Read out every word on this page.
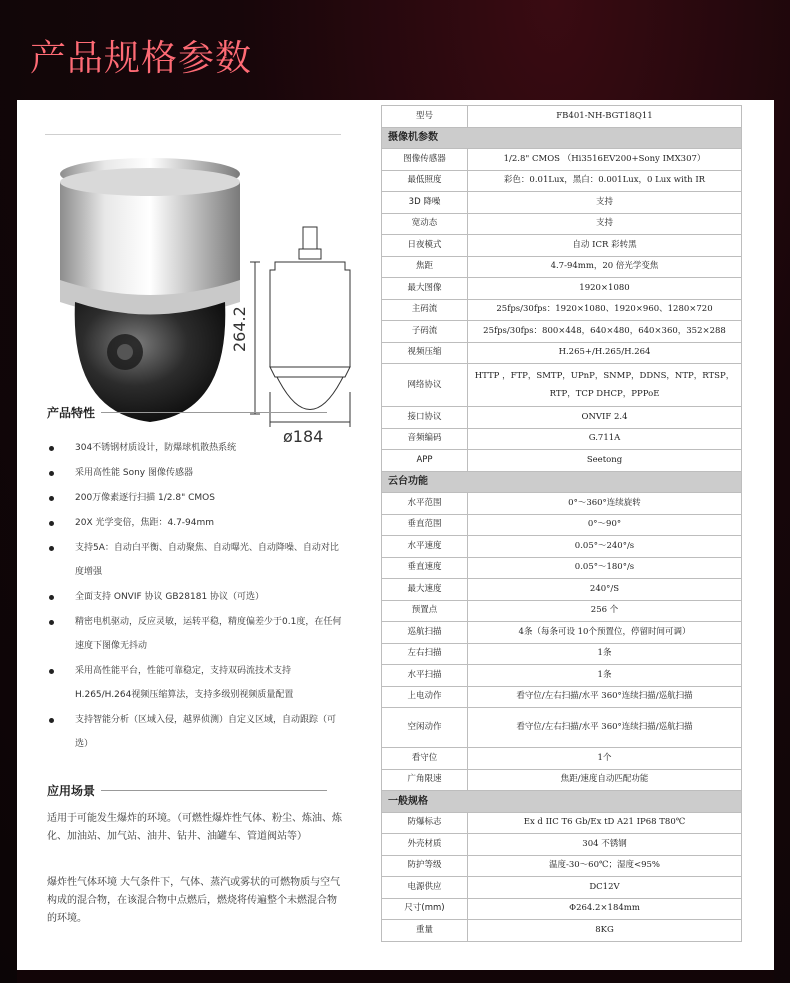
产品规格参数
264.2
ø184
产品特性
304不锈钢材质设计，防爆球机散热系统
采用高性能 Sony 图像传感器
200万像素逐行扫描 1/2.8" CMOS
20X 光学变倍，焦距：4.7-94mm
支持5A：自动白平衡、自动聚焦、自动曝光、自动降噪、自动对比度增强
全面支持 ONVIF 协议 GB28181 协议（可选）
精密电机驱动，反应灵敏，运转平稳，精度偏差少于0.1度，在任何速度下图像无抖动
采用高性能平台，性能可靠稳定，支持双码流技术支持 H.265/H.264视频压缩算法，支持多级别视频质量配置
支持智能分析（区域入侵，越界侦测）自定义区域，自动跟踪（可选）
应用场景
适用于可能发生爆炸的环境。（可燃性爆炸性气体、粉尘、炼油、炼化、加油站、加气站、油井、钻井、油罐车、管道阀站等）
爆炸性气体环境 大气条件下，气体、蒸汽或雾状的可燃物质与空气构成的混合物，在该混合物中点燃后，燃烧将传遍整个未燃混合物的环境。
型号	FB401-NH-BGT18Q11
摄像机参数	
图像传感器	1/2.8" CMOS （Hi3516EV200+Sony IMX307）
最低照度	彩色：0.01Lux，黑白：0.001Lux，0 Lux with IR
3D 降噪	支持
宽动态	支持
日夜模式	自动 ICR 彩转黑
焦距	4.7-94mm，20 倍光学变焦
最大图像	1920×1080
主码流	25fps/30fps：1920×1080、1920×960、1280×720
子码流	25fps/30fps：800×448，640×480，640×360，352×288
视频压缩	H.265+/H.265/H.264
网络协议	HTTP ，FTP，SMTP，UPnP，SNMP，DDNS，NTP，RTSP，RTP，TCP DHCP，PPPoE
接口协议	ONVIF 2.4
音频编码	G.711A
APP	Seetong
云台功能	
水平范围	0°～360°连续旋转
垂直范围	0°～90°
水平速度	0.05°～240°/s
垂直速度	0.05°～180°/s
最大速度	240°/S
预置点	256 个
巡航扫描	4条（每条可设 10个预置位，停留时间可调）
左右扫描	1条
水平扫描	1条
上电动作	看守位/左右扫描/水平 360°连续扫描/巡航扫描
空闲动作	看守位/左右扫描/水平 360°连续扫描/巡航扫描
看守位	1个
广角限速	焦距/速度自动匹配功能
一般规格	
防爆标志	Ex d IIC T6 Gb/Ex tD A21 IP68 T80℃
外壳材质	304 不锈钢
防护等级	温度-30～60℃；湿度<95%
电源供应	DC12V
尺寸(mm)	Φ264.2×184mm
重量	8KG
